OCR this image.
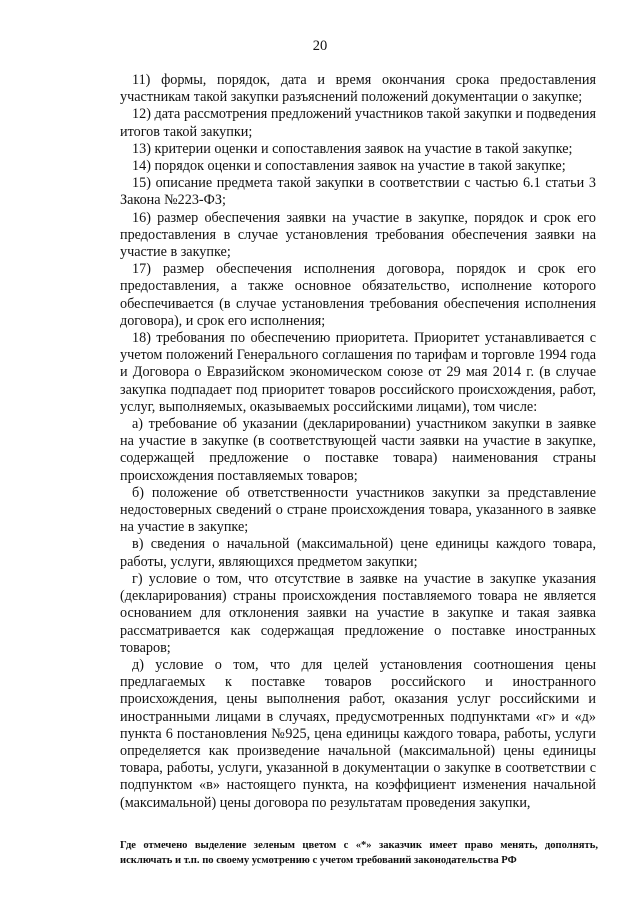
20

11) формы, порядок, дата и время окончания срока предоставления участникам такой закупки разъяснений положений документации о закупке;

12) дата рассмотрения предложений участников такой закупки и подведения итогов такой закупки;

13) критерии оценки и сопоставления заявок на участие в такой закупке;

14) порядок оценки и сопоставления заявок на участие в такой закупке;

15) описание предмета такой закупки в соответствии с частью 6.1 статьи 3 Закона №223-ФЗ;

16) размер обеспечения заявки на участие в закупке, порядок и срок его предоставления в случае установления требования обеспечения заявки на участие в закупке;

17) размер обеспечения исполнения договора, порядок и срок его предоставления, а также основное обязательство, исполнение которого обеспечивается (в случае установления требования обеспечения исполнения договора), и срок его исполнения;

18) требования по обеспечению приоритета. Приоритет устанавливается с учетом положений Генерального соглашения по тарифам и торговле 1994 года и Договора о Евразийском экономическом союзе от 29 мая 2014 г. (в случае закупка подпадает под приоритет товаров российского происхождения, работ, услуг, выполняемых, оказываемых российскими лицами), том числе:

а) требование об указании (декларировании) участником закупки в заявке на участие в закупке (в соответствующей части заявки на участие в закупке, содержащей предложение о поставке товара) наименования страны происхождения поставляемых товаров;

б) положение об ответственности участников закупки за представление недостоверных сведений о стране происхождения товара, указанного в заявке на участие в закупке;

в) сведения о начальной (максимальной) цене единицы каждого товара, работы, услуги, являющихся предметом закупки;

г) условие о том, что отсутствие в заявке на участие в закупке указания (декларирования) страны происхождения поставляемого товара не является основанием для отклонения заявки на участие в закупке и такая заявка рассматривается как содержащая предложение о поставке иностранных товаров;

д) условие о том, что для целей установления соотношения цены предлагаемых к поставке товаров российского и иностранного происхождения, цены выполнения работ, оказания услуг российскими и иностранными лицами в случаях, предусмотренных подпунктами «г» и «д» пункта 6 постановления №925, цена единицы каждого товара, работы, услуги определяется как произведение начальной (максимальной) цены единицы товара, работы, услуги, указанной в документации о закупке в соответствии с подпунктом «в» настоящего пункта, на коэффициент изменения начальной (максимальной) цены договора по результатам проведения закупки,

Где отмечено выделение зеленым цветом с «*» заказчик имеет право менять, дополнять, исключать и т.п. по своему усмотрению с учетом требований законодательства РФ
